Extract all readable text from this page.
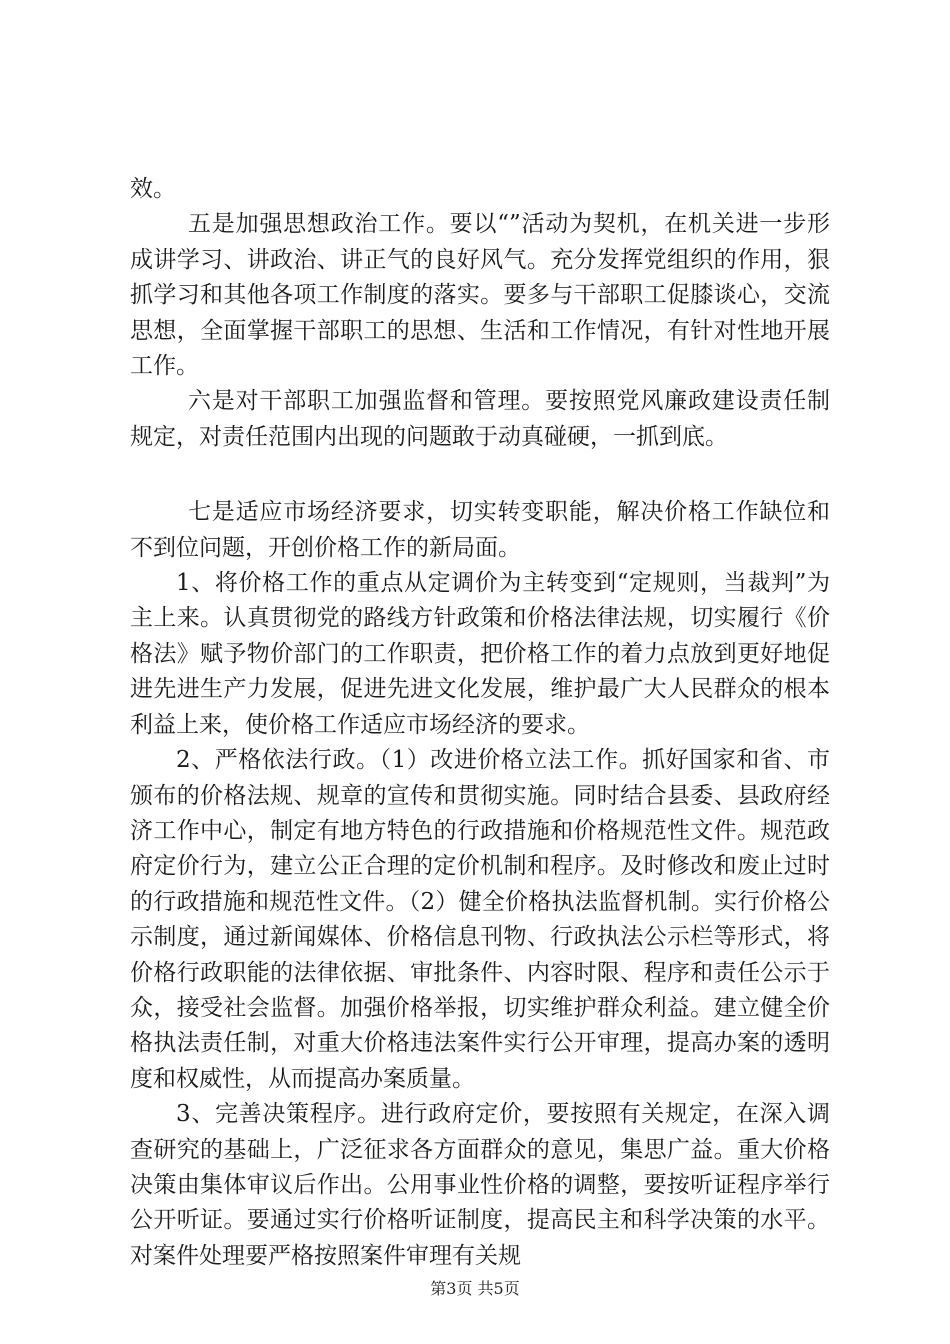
效。

五是加强思想政治工作。要以“”活动为契机，在机关进一步形成讲学习、讲政治、讲正气的良好风气。充分发挥党组织的作用，狠抓学习和其他各项工作制度的落实。要多与干部职工促膝谈心，交流思想，全面掌握干部职工的思想、生活和工作情况，有针对性地开展工作。

六是对干部职工加强监督和管理。要按照党风廉政建设责任制规定，对责任范围内出现的问题敢于动真碰硬，一抓到底。

七是适应市场经济要求，切实转变职能，解决价格工作缺位和不到位问题，开创价格工作的新局面。

1、将价格工作的重点从定调价为主转变到“定规则，当裁判”为主上来。认真贯彻党的路线方针政策和价格法律法规，切实履行《价格法》赋予物价部门的工作职责，把价格工作的着力点放到更好地促进先进生产力发展，促进先进文化发展，维护最广大人民群众的根本利益上来，使价格工作适应市场经济的要求。

2、严格依法行政。（1）改进价格立法工作。抓好国家和省、市颁布的价格法规、规章的宣传和贯彻实施。同时结合县委、县政府经济工作中心，制定有地方特色的行政措施和价格规范性文件。规范政府定价行为，建立公正合理的定价机制和程序。及时修改和废止过时的行政措施和规范性文件。（2）健全价格执法监督机制。实行价格公示制度，通过新闻媒体、价格信息刊物、行政执法公示栏等形式，将价格行政职能的法律依据、审批条件、内容时限、程序和责任公示于众，接受社会监督。加强价格举报，切实维护群众利益。建立健全价格执法责任制，对重大价格违法案件实行公开审理，提高办案的透明度和权威性，从而提高办案质量。

3、完善决策程序。进行政府定价，要按照有关规定，在深入调查研究的基础上，广泛征求各方面群众的意见，集思广益。重大价格决策由集体审议后作出。公用事业性价格的调整，要按听证程序举行公开听证。要通过实行价格听证制度，提高民主和科学决策的水平。对案件处理要严格按照案件审理有关规

第3页 共5页
